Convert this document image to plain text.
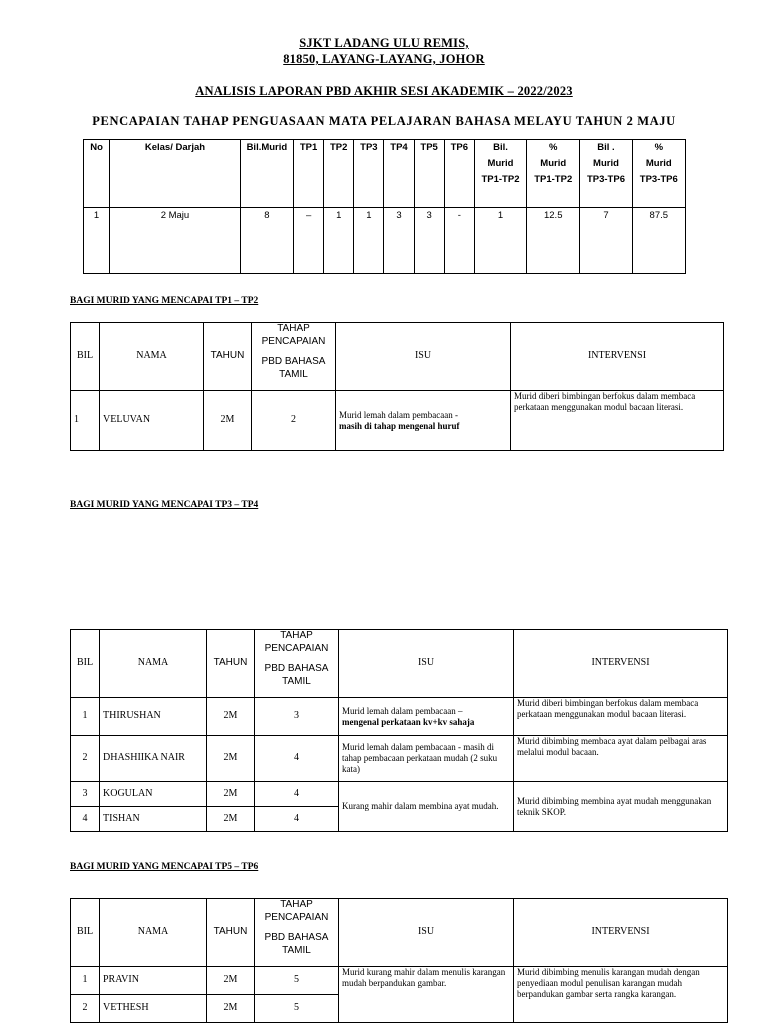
SJKT LADANG ULU REMIS,
81850, LAYANG-LAYANG, JOHOR
ANALISIS LAPORAN PBD AKHIR SESI AKADEMIK – 2022/2023
PENCAPAIAN TAHAP PENGUASAAN MATA PELAJARAN BAHASA MELAYU TAHUN 2 MAJU
No	Kelas/ Darjah	Bil.Murid	TP1	TP2	TP3	TP4	TP5	TP6	Bil.
Murid
TP1-TP2	%
Murid
TP1-TP2	Bil .
Murid
TP3-TP6	%
Murid
TP3-TP6

1	2 Maju	8	–	1	1	3	3	-	1	12.5	7	87.5
BAGI MURID YANG MENCAPAI TP1 – TP2
BIL	NAMA	TAHUN	TAHAP
PENCAPAIAN
PBD BAHASA
TAMIL	ISU	INTERVENSI
1	VELUVAN	2M	2	Murid lemah dalam pembacaan -
masih di tahap mengenal huruf	Murid diberi bimbingan berfokus dalam membaca perkataan menggunakan modul bacaan literasi.
BAGI MURID YANG MENCAPAI TP3 – TP4
BIL	NAMA	TAHUN	TAHAP
PENCAPAIAN
PBD BAHASA
TAMIL	ISU	INTERVENSI
1	THIRUSHAN	2M	3	Murid lemah dalam pembacaan –
mengenal perkataan kv+kv sahaja	Murid diberi bimbingan berfokus dalam membaca perkataan menggunakan modul bacaan literasi.
2	DHASHIIKA NAIR	2M	4	Murid lemah dalam pembacaan - masih di tahap pembacaan perkataan mudah (2 suku kata)	Murid dibimbing membaca ayat dalam pelbagai aras melalui modul bacaan.
3	KOGULAN	2M	4	Kurang mahir dalam membina ayat mudah.	Murid dibimbing membina ayat mudah menggunakan teknik SKOP.
4	TISHAN	2M	4		
BAGI MURID YANG MENCAPAI TP5 – TP6
BIL	NAMA	TAHUN	TAHAP
PENCAPAIAN
PBD BAHASA
TAMIL	ISU	INTERVENSI
1	PRAVIN	2M	5	Murid kurang mahir dalam menulis karangan mudah berpandukan gambar.	Murid dibimbing menulis karangan mudah dengan penyediaan modul penulisan karangan mudah berpandukan gambar serta rangka karangan.
2	VETHESH	2M	5		
